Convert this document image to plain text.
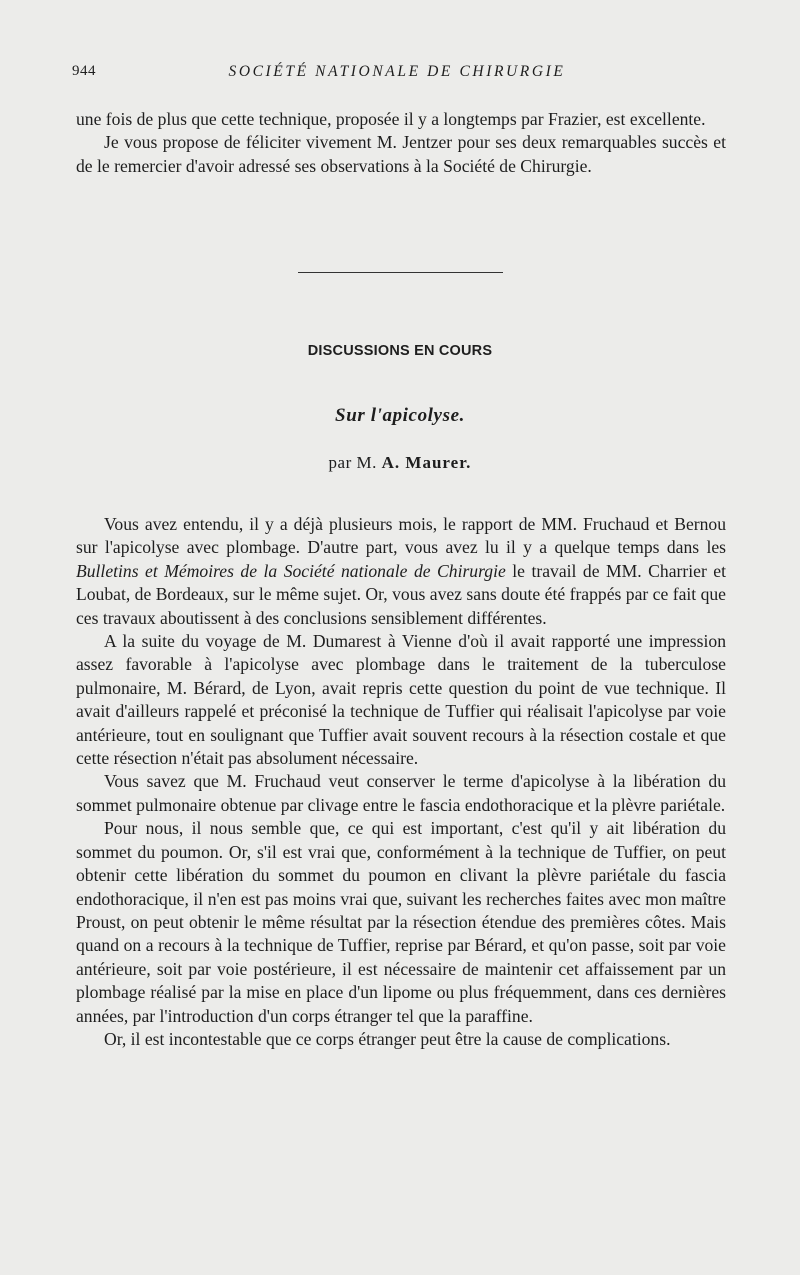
944	SOCIÉTÉ NATIONALE DE CHIRURGIE

une fois de plus que cette technique, proposée il y a longtemps par Frazier, est excellente.

Je vous propose de féliciter vivement M. Jentzer pour ses deux remarquables succès et de le remercier d'avoir adressé ses observations à la Société de Chirurgie.

DISCUSSIONS EN COURS
Sur l'apicolyse.
par M. A. Maurer.

Vous avez entendu, il y a déjà plusieurs mois, le rapport de MM. Fruchaud et Bernou sur l'apicolyse avec plombage. D'autre part, vous avez lu il y a quelque temps dans les Bulletins et Mémoires de la Société nationale de Chirurgie le travail de MM. Charrier et Loubat, de Bordeaux, sur le même sujet. Or, vous avez sans doute été frappés par ce fait que ces travaux aboutissent à des conclusions sensiblement différentes.

A la suite du voyage de M. Dumarest à Vienne d'où il avait rapporté une impression assez favorable à l'apicolyse avec plombage dans le traitement de la tuberculose pulmonaire, M. Bérard, de Lyon, avait repris cette question du point de vue technique. Il avait d'ailleurs rappelé et préconisé la technique de Tuffier qui réalisait l'apicolyse par voie antérieure, tout en soulignant que Tuffier avait souvent recours à la résection costale et que cette résection n'était pas absolument nécessaire.

Vous savez que M. Fruchaud veut conserver le terme d'apicolyse à la libération du sommet pulmonaire obtenue par clivage entre le fascia endothoracique et la plèvre pariétale.

Pour nous, il nous semble que, ce qui est important, c'est qu'il y ait libération du sommet du poumon. Or, s'il est vrai que, conformément à la technique de Tuffier, on peut obtenir cette libération du sommet du poumon en clivant la plèvre pariétale du fascia endothoracique, il n'en est pas moins vrai que, suivant les recherches faites avec mon maître Proust, on peut obtenir le même résultat par la résection étendue des premières côtes. Mais quand on a recours à la technique de Tuffier, reprise par Bérard, et qu'on passe, soit par voie antérieure, soit par voie postérieure, il est nécessaire de maintenir cet affaissement par un plombage réalisé par la mise en place d'un lipome ou plus fréquemment, dans ces dernières années, par l'introduction d'un corps étranger tel que la paraffine.

Or, il est incontestable que ce corps étranger peut être la cause de complications.
